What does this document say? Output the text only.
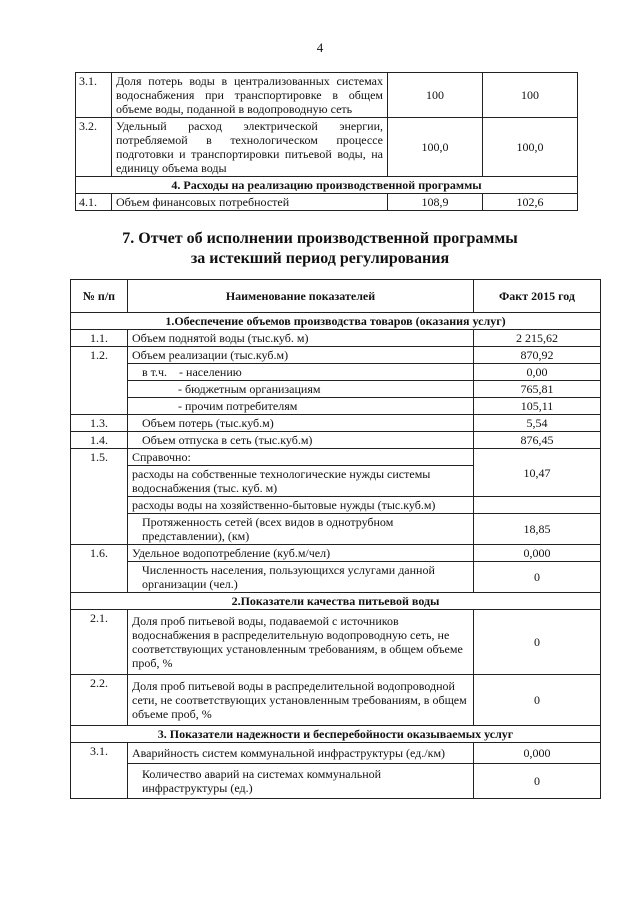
4
3.1.	Доля потерь воды в централизованных системах водоснабжения при транспортировке в общем объеме воды, поданной в водопроводную сеть	100	100
3.2.	Удельный расход электрической энергии, потребляемой в технологическом процессе подготовки и транспортировки питьевой воды, на единицу объема воды	100,0	100,0
4. Расходы на реализацию производственной программы			
4.1.	Объем финансовых потребностей	108,9	102,6
7. Отчет об исполнении производственной программы
за истекший период регулирования
№ п/п	Наименование показателей	Факт 2015 год
1.Обеспечение объемов производства товаров (оказания услуг)		
1.1.	Объем поднятой воды (тыс.куб. м)	2 215,62
1.2.	Объем реализации (тыс.куб.м)	870,92
	в т.ч.    - населению	0,00
	- бюджетным организациям	765,81
	- прочим потребителям	105,11
1.3.	Объем потерь (тыс.куб.м)	5,54
1.4.	Объем отпуска в сеть (тыс.куб.м)	876,45
1.5.	Справочно:	10,47
	расходы на собственные технологические нужды системы водоснабжения (тыс. куб. м)	
	расходы воды на хозяйственно-бытовые нужды (тыс.куб.м)	
	Протяженность сетей (всех видов в однотрубном представлении), (км)	18,85
1.6.	Удельное водопотребление (куб.м/чел)	0,000
	Численность населения, пользующихся услугами данной организации (чел.)	0
2.Показатели качества питьевой воды		
2.1.	Доля проб питьевой воды, подаваемой с источников водоснабжения в распределительную водопроводную сеть, не соответствующих установленным требованиям, в общем объеме проб, %	0
2.2.	Доля проб питьевой воды в распределительной водопроводной сети, не соответствующих установленным требованиям, в общем объеме проб, %	0
3. Показатели надежности и бесперебойности оказываемых услуг		
3.1.	Аварийность систем коммунальной инфраструктуры (ед./км)	0,000
	Количество аварий на системах коммунальной инфраструктуры (ед.)	0
